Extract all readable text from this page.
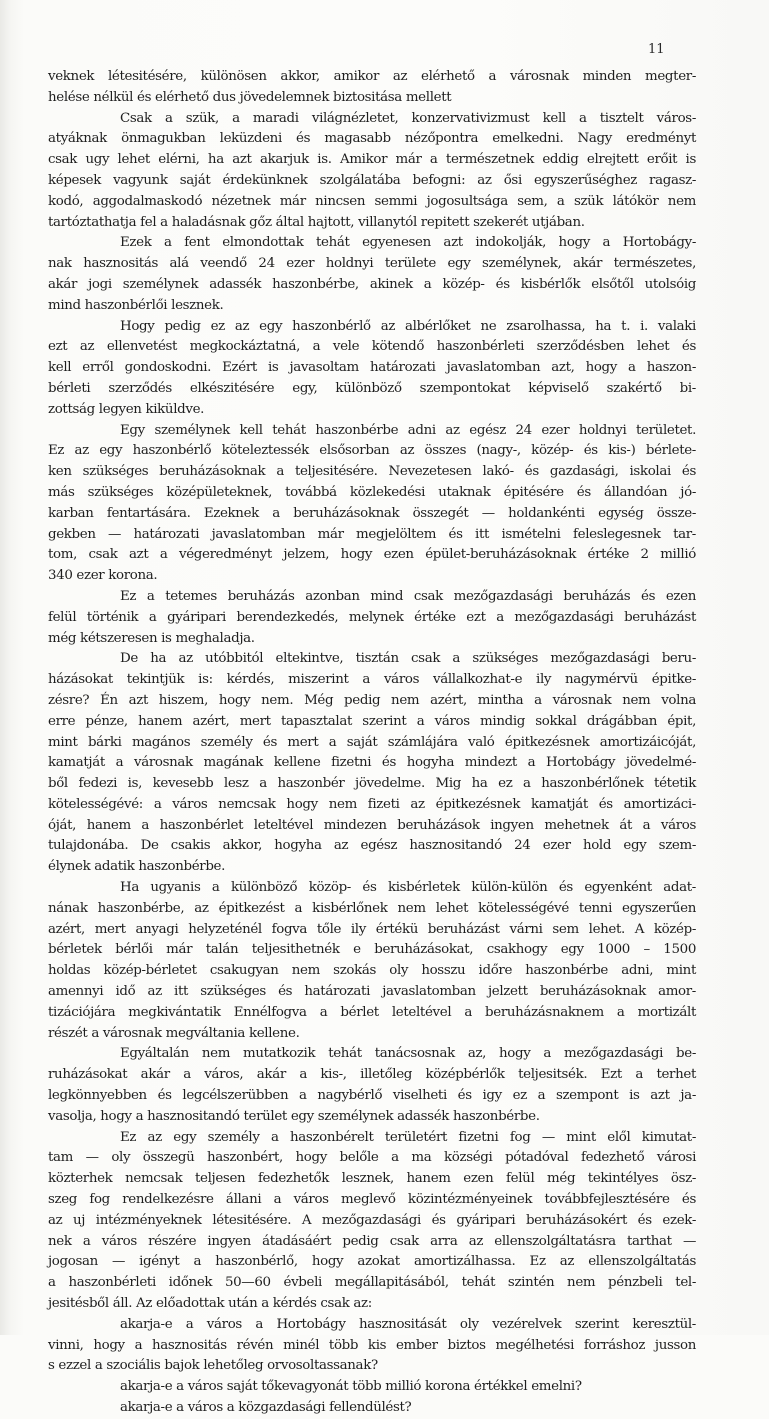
11
veknek létesitésére, különösen akkor, amikor az elérhető a városnak minden megter-
helése nélkül és elérhető dus jövedelemnek biztositása mellett
Csak a szük, a maradi világnézletet, konzervativizmust kell a tisztelt város-
atyáknak önmagukban leküzdeni és magasabb nézőpontra emelkedni. Nagy eredményt
csak ugy lehet elérni, ha azt akarjuk is. Amikor már a természetnek eddig elrejtett erőit is
képesek vagyunk saját érdekünknek szolgálatába befogni: az ősi egyszerűséghez ragasz-
kodó, aggodalmaskodó nézetnek már nincsen semmi jogosultsága sem, a szük látókör nem
tartóztathatja fel a haladásnak gőz által hajtott, villanytól repitett szekerét utjában.
Ezek a fent elmondottak tehát egyenesen azt indokolják, hogy a Hortobágy-
nak hasznositás alá veendő 24 ezer holdnyi területe egy személynek, akár természetes,
akár jogi személynek adassék haszonbérbe, akinek a közép- és kisbérlők elsőtől utolsóig
mind haszonbérlői lesznek.
Hogy pedig ez az egy haszonbérlő az albérlőket ne zsarolhassa, ha t. i. valaki
ezt az ellenvetést megkockáztatná, a vele kötendő haszonbérleti szerződésben lehet és
kell erről gondoskodni. Ezért is javasoltam határozati javaslatomban azt, hogy a haszon-
bérleti szerződés elkészitésére egy, különböző szempontokat képviselő szakértő bi-
zottság legyen kiküldve.
Egy személynek kell tehát haszonbérbe adni az egész 24 ezer holdnyi területet.
Ez az egy haszonbérlő köteleztessék elsősorban az összes (nagy-, közép- és kis-) bérlete-
ken szükséges beruházásoknak a teljesitésére. Nevezetesen lakó- és gazdasági, iskolai és
más szükséges középületeknek, továbbá közlekedési utaknak épitésére és állandóan jó-
karban fentartására. Ezeknek a beruházásoknak összegét — holdankénti egység össze-
gekben — határozati javaslatomban már megjelöltem és itt ismételni feleslegesnek tar-
tom, csak azt a végeredményt jelzem, hogy ezen épület-beruházásoknak értéke 2 millió
340 ezer korona.
Ez a tetemes beruházás azonban mind csak mezőgazdasági beruházás és ezen
felül történik a gyáripari berendezkedés, melynek értéke ezt a mezőgazdasági beruházást
még kétszeresen is meghaladja.
De ha az utóbbitól eltekintve, tisztán csak a szükséges mezőgazdasági beru-
házásokat tekintjük is: kérdés, miszerint a város vállalkozhat-e ily nagymérvü épitke-
zésre? Én azt hiszem, hogy nem. Még pedig nem azért, mintha a városnak nem volna
erre pénze, hanem azért, mert tapasztalat szerint a város mindig sokkal drágábban épit,
mint bárki magános személy és mert a saját számlájára való épitkezésnek amortizáicóját,
kamatját a városnak magának kellene fizetni és hogyha mindezt a Hortobágy jövedelmé-
ből fedezi is, kevesebb lesz a haszonbér jövedelme. Mig ha ez a haszonbérlőnek tétetik
kötelességévé: a város nemcsak hogy nem fizeti az épitkezésnek kamatját és amortizáci-
óját, hanem a haszonbérlet leteltével mindezen beruházások ingyen mehetnek át a város
tulajdonába. De csakis akkor, hogyha az egész hasznositandó 24 ezer hold egy szem-
élynek adatik haszonbérbe.
Ha ugyanis a különböző közöp- és kisbérletek külön-külön és egyenként adat-
nának haszonbérbe, az épitkezést a kisbérlőnek nem lehet kötelességévé tenni egyszerűen
azért, mert anyagi helyzeténél fogva tőle ily értékü beruházást várni sem lehet. A közép-
bérletek bérlői már talán teljesithetnék e beruházásokat, csakhogy egy 1000 – 1500
holdas közép-bérletet csakugyan nem szokás oly hosszu időre haszonbérbe adni, mint
amennyi idő az itt szükséges és határozati javaslatomban jelzett beruházásoknak amor-
tizációjára megkivántatik Ennélfogva a bérlet leteltével a beruházásnaknem a mortizált
részét a városnak megváltania kellene.
Egyáltalán nem mutatkozik tehát tanácsosnak az, hogy a mezőgazdasági be-
ruházásokat akár a város, akár a kis-, illetőleg középbérlők teljesitsék. Ezt a terhet
legkönnyebben és legcélszerübben a nagybérlő viselheti és igy ez a szempont is azt ja-
vasolja, hogy a hasznositandó terület egy személynek adassék haszonbérbe.
Ez az egy személy a haszonbérelt területért fizetni fog — mint elől kimutat-
tam — oly összegü haszonbért, hogy belőle a ma községi pótadóval fedezhető városi
közterhek nemcsak teljesen fedezhetők lesznek, hanem ezen felül még tekintélyes ösz-
szeg fog rendelkezésre állani a város meglevő közintézményeinek továbbfejlesztésére és
az uj intézményeknek létesitésére. A mezőgazdasági és gyáripari beruházásokért és ezek-
nek a város részére ingyen átadásáért pedig csak arra az ellenszolgáltatásra tarthat —
jogosan — igényt a haszonbérlő, hogy azokat amortizálhassa. Ez az ellenszolgáltatás
a haszonbérleti időnek 50—60 évbeli megállapitásából, tehát szintén nem pénzbeli tel-
jesitésből áll. Az előadottak után a kérdés csak az:
akarja-e a város a Hortobágy hasznositását oly vezérelvek szerint keresztül-
vinni, hogy a hasznositás révén minél több kis ember biztos megélhetési forráshoz jusson
s ezzel a szociális bajok lehetőleg orvosoltassanak?
akarja-e a város saját tőkevagyonát több millió korona értékkel emelni?
akarja-e a város a közgazdasági fellendülést?
